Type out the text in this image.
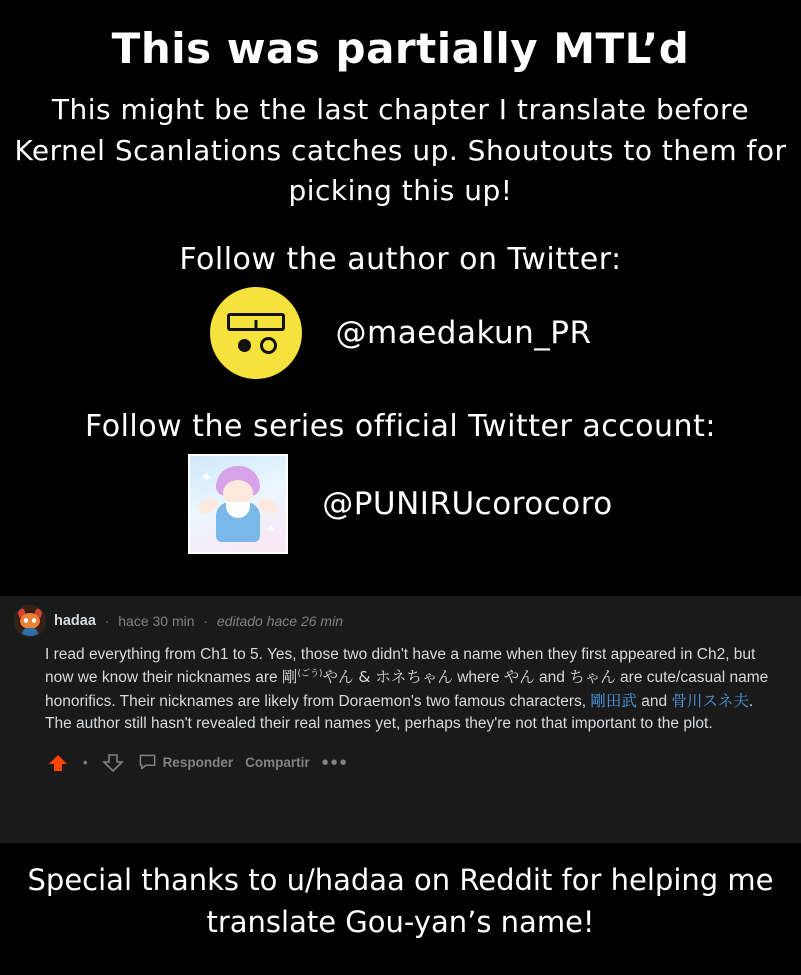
This was partially MTL’d
This might be the last chapter I translate before Kernel Scanlations catches up. Shoutouts to them for picking this up!
Follow the author on Twitter:
@maedakun_PR
Follow the series official Twitter account:
✦
✦
@PUNIRUcorocoro
hadaa · hace 30 min · editado hace 26 min
I read everything from Ch1 to 5. Yes, those two didn't have a name when they first appeared in Ch2, but now we know their nicknames are 剛$^{(ごう)}$やん & ホネちゃん where やん and ちゃん are cute/casual name honorifics. Their nicknames are likely from Doraemon's two famous characters, 剛田武 and 骨川スネ夫. The author still hasn't revealed their real names yet, perhaps they're not that important to the plot.
•	Responder Compartir •••
Special thanks to u/hadaa on Reddit for helping me translate Gou-yan’s name!
